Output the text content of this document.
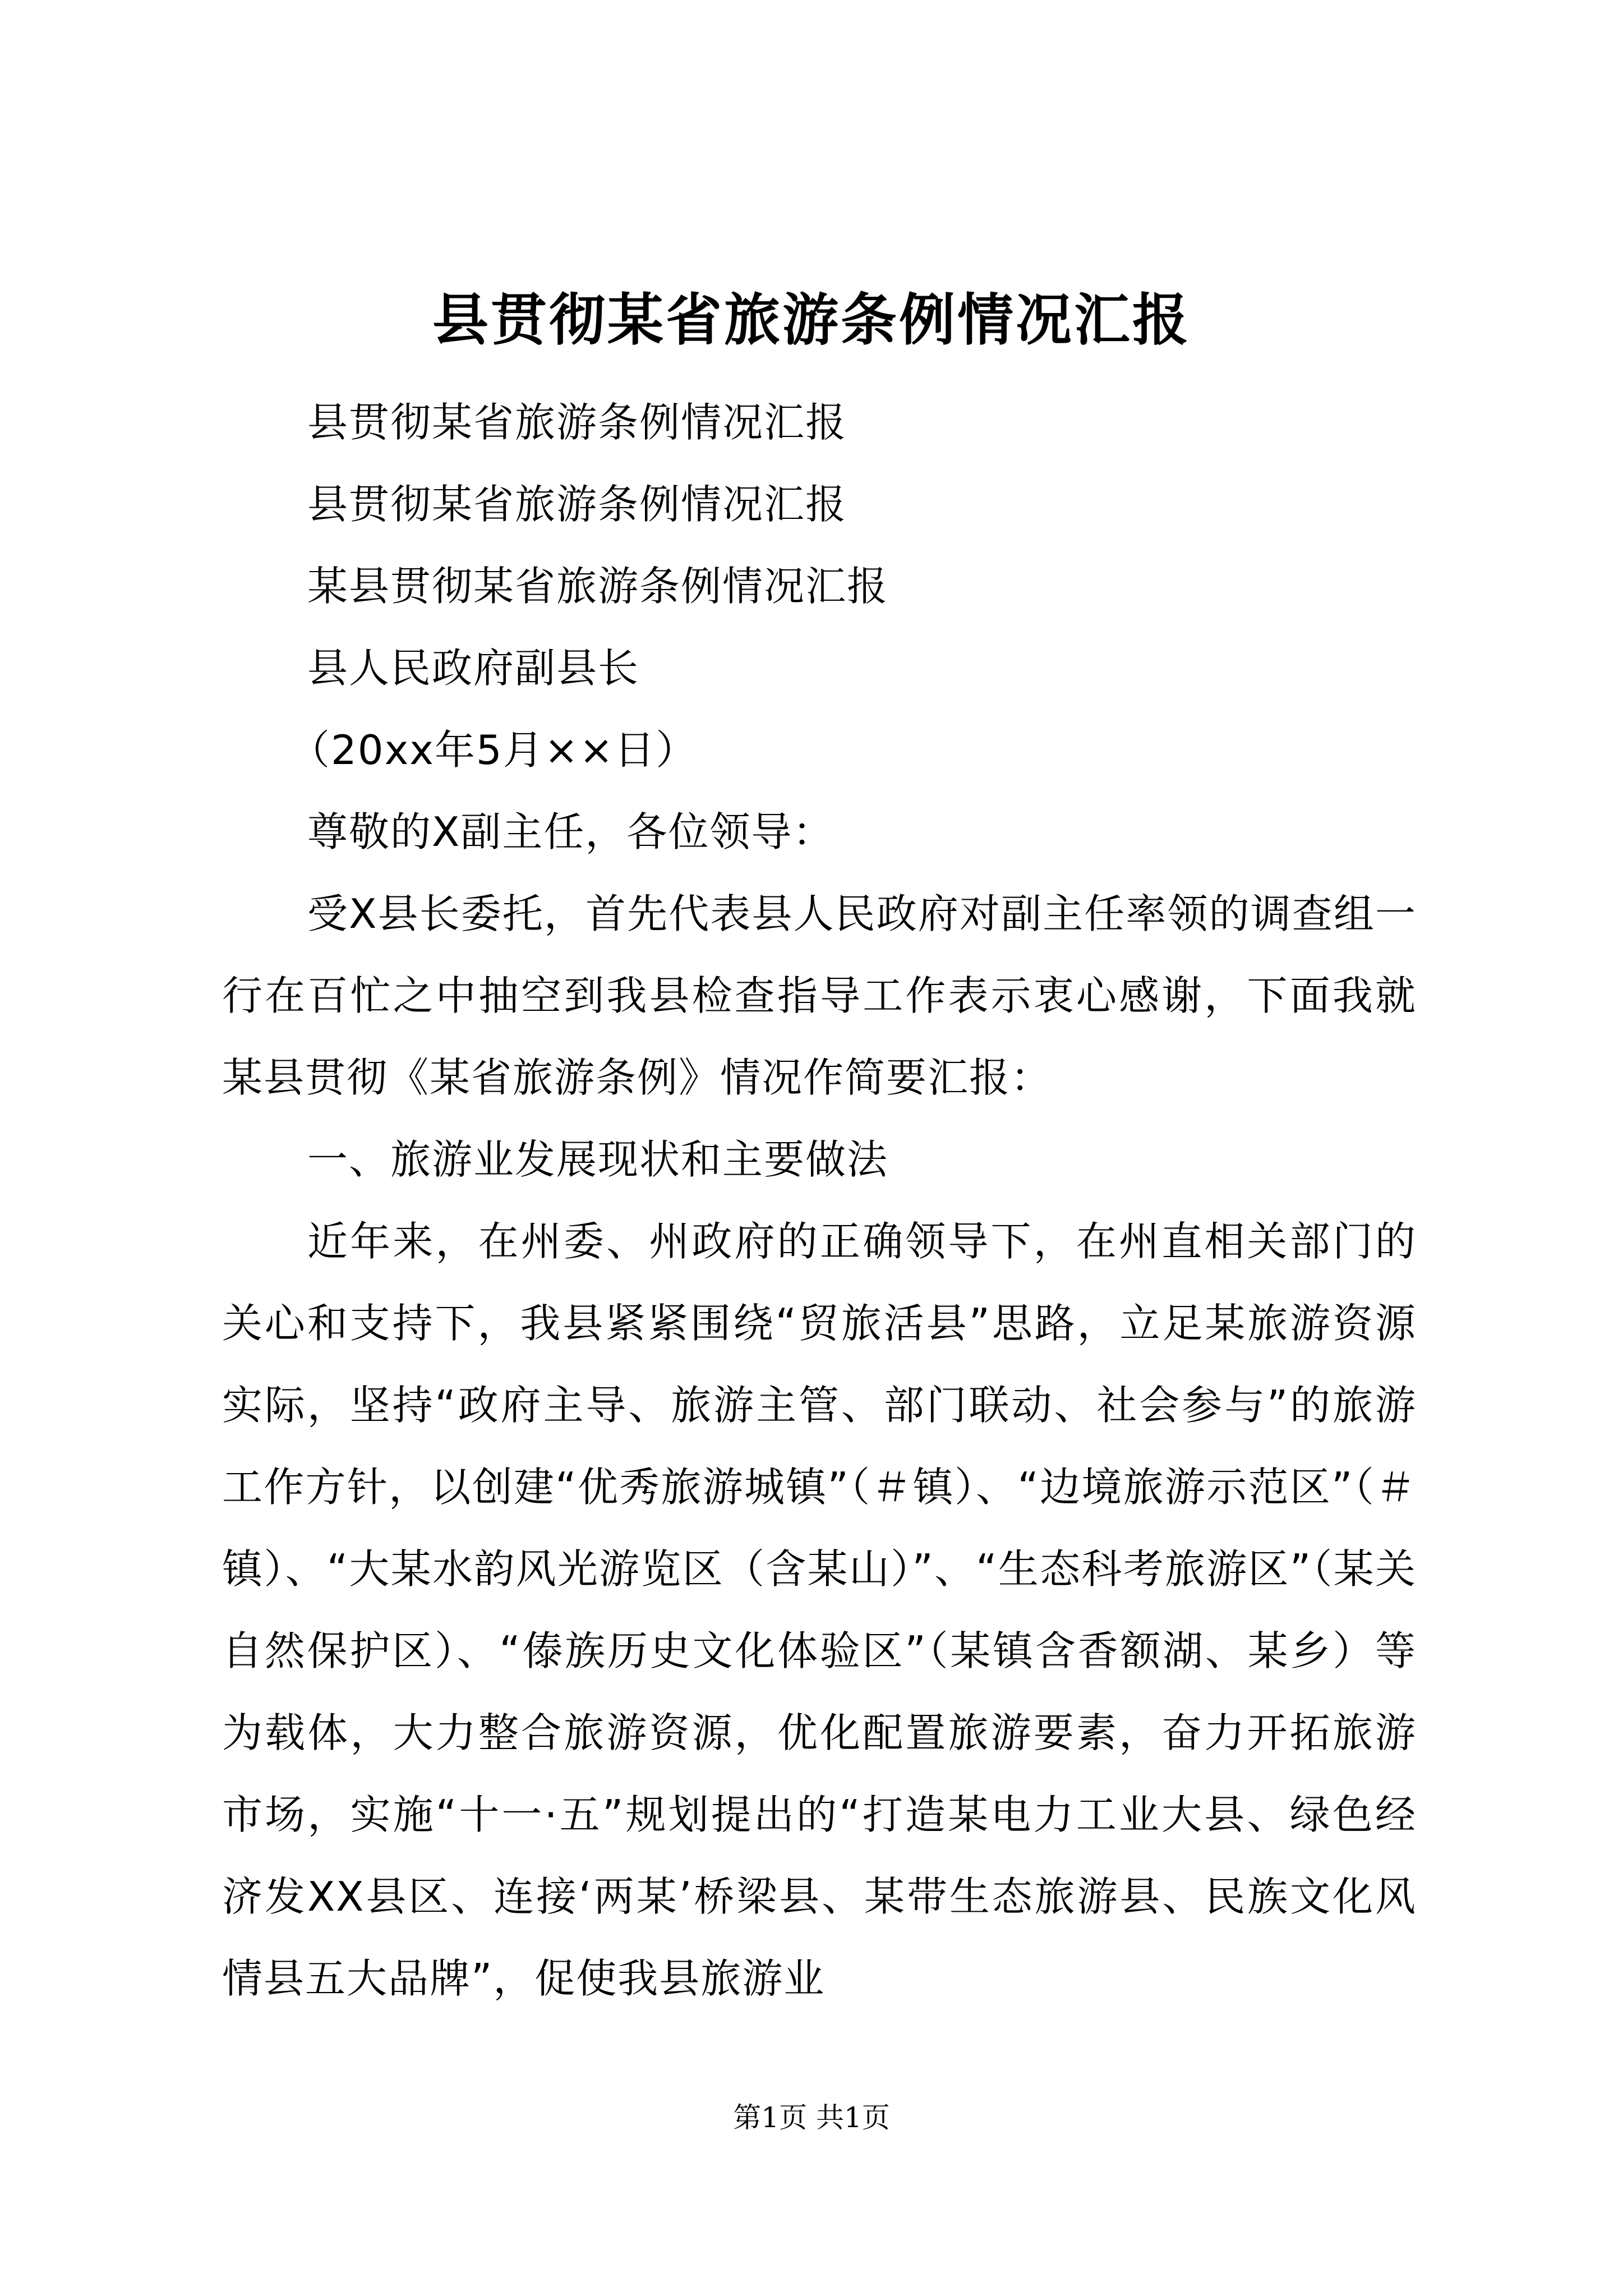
县贯彻某省旅游条例情况汇报

县贯彻某省旅游条例情况汇报

县贯彻某省旅游条例情况汇报

某县贯彻某省旅游条例情况汇报

县人民政府副县长

（20xx年5月××日）

尊敬的X副主任，各位领导：

受X县长委托，首先代表县人民政府对副主任率领的调查组一行在百忙之中抽空到我县检查指导工作表示衷心感谢，下面我就某县贯彻《某省旅游条例》情况作简要汇报：

一、旅游业发展现状和主要做法

近年来，在州委、州政府的正确领导下，在州直相关部门的关心和支持下，我县紧紧围绕“贸旅活县”思路，立足某旅游资源实际，坚持“政府主导、旅游主管、部门联动、社会参与”的旅游工作方针，以创建“优秀旅游城镇”（＃镇）、“边境旅游示范区”（＃镇）、“大某水韵风光游览区（含某山）”、“生态科考旅游区”（某关自然保护区）、“傣族历史文化体验区”（某镇含香额湖、某乡）等为载体，大力整合旅游资源，优化配置旅游要素，奋力开拓旅游市场，实施“十一·五”规划提出的“打造某电力工业大县、绿色经济发XX县区、连接‘两某’桥梁县、某带生态旅游县、民族文化风情县五大品牌”，促使我县旅游业

第1页 共1页
